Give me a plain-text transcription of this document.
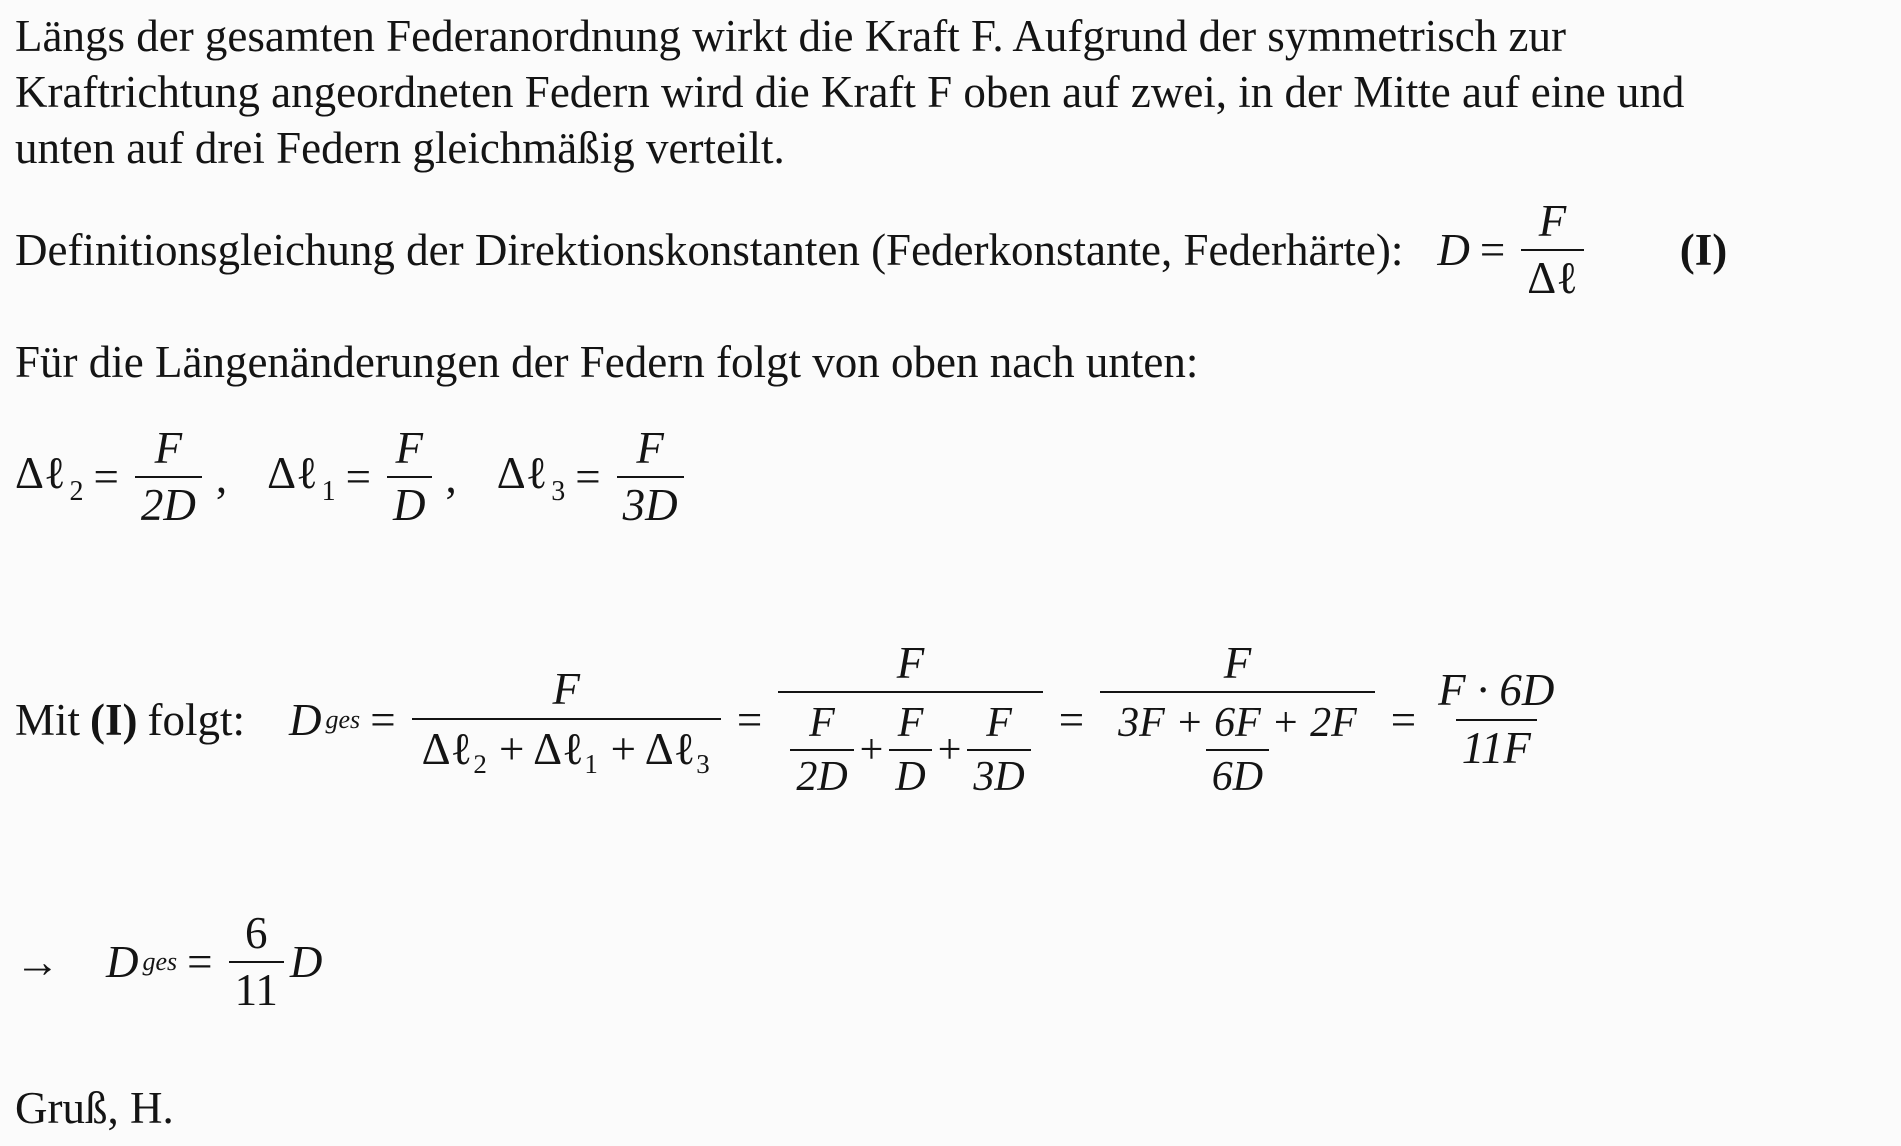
Längs der gesamten Federanordnung wirkt die Kraft F. Aufgrund der symmetrisch zur
Kraftrichtung angeordneten Federn wird die Kraft F oben auf zwei, in der Mitte auf eine und
unten auf drei Federn gleichmäßig verteilt.
Definitionsgleichung der Direktionskonstanten (Federkonstante, Federhärte): $D = \frac{F}{\text{Δℓ}} (I)$
Für die Längenänderungen der Federn folgt von oben nach unten:
Δℓ $_2 = \frac{F}{2D}$ , Δℓ $_1 = \frac{F}{D}$ , Δℓ $_3 = \frac{F}{3D}$
Mit (I) folgt: D ges = $\frac{F}{\text{Δℓ₂ + Δℓ₁ + Δℓ₃}}$ =
F
$\frac{F}{2D} + \frac{F}{D} + \frac{F}{3D} = \frac{F}{\frac{3F + 6F + 2F}{6D}} = \frac{F \cdot 6D}{11F}$
→ D ges = $\frac{6}{11}$ D
Gruß, H.
